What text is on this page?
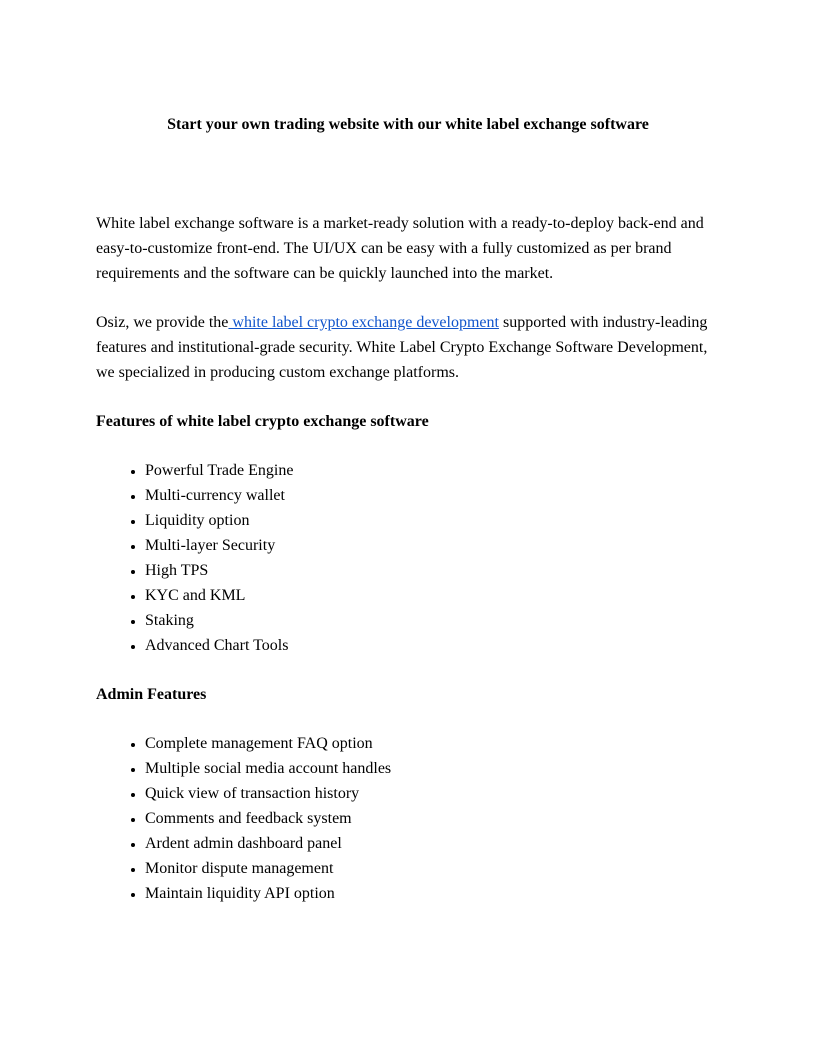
Start your own trading website with our white label exchange software

White label exchange software is a market-ready solution with a ready-to-deploy back-end and easy-to-customize front-end. The UI/UX can be easy with a fully customized as per brand requirements and the software can be quickly launched into the market.

Osiz, we provide the white label crypto exchange development supported with industry-leading features and institutional-grade security. White Label Crypto Exchange Software Development, we specialized in producing custom exchange platforms.

Features of white label crypto exchange software
• Powerful Trade Engine
• Multi-currency wallet
• Liquidity option
• Multi-layer Security
• High TPS
• KYC and KML
• Staking
• Advanced Chart Tools
Admin Features
• Complete management FAQ option
• Multiple social media account handles
• Quick view of transaction history
• Comments and feedback system
• Ardent admin dashboard panel
• Monitor dispute management
• Maintain liquidity API option
